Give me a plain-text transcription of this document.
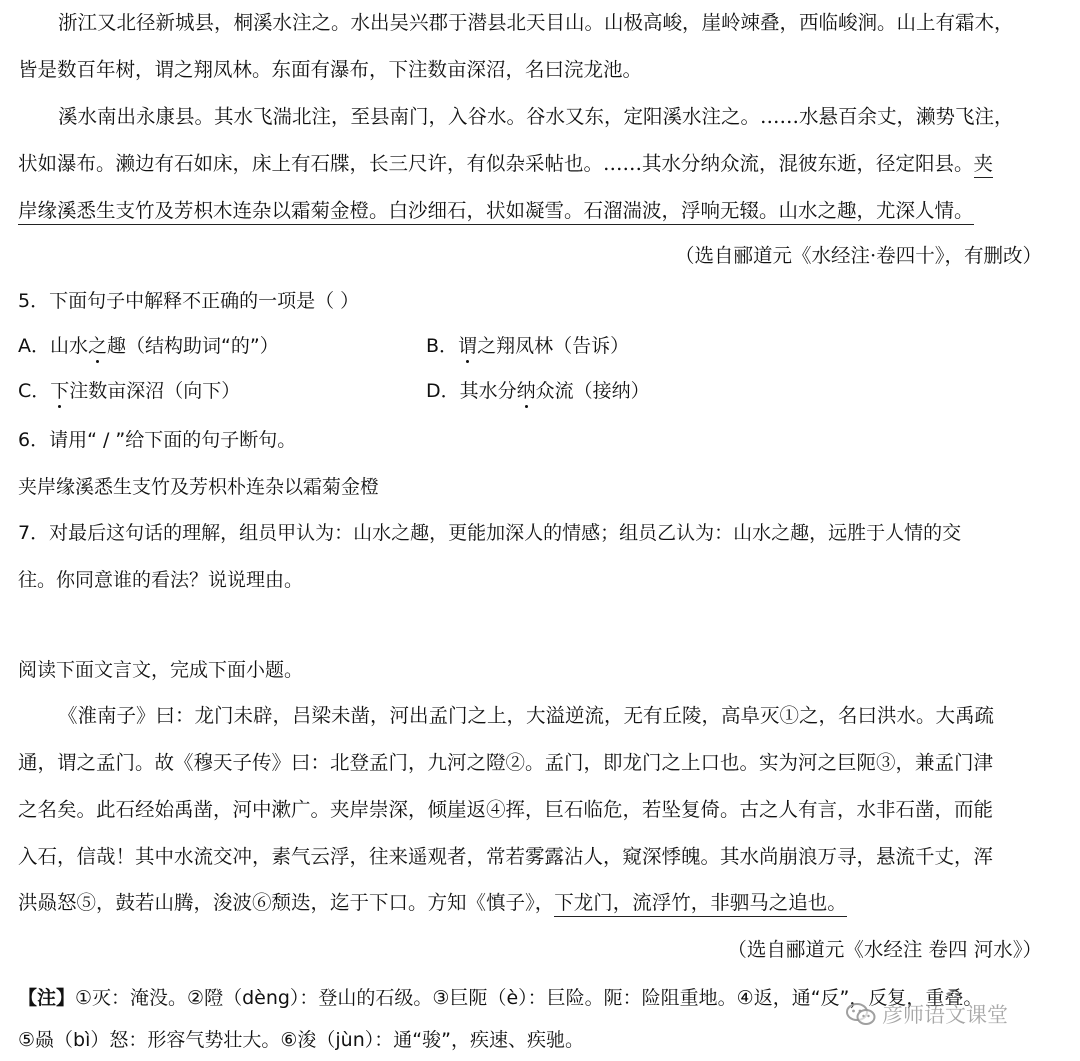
浙江又北径新城县，桐溪水注之。水出吴兴郡于潜县北天目山。山极高峻，崖岭竦叠，西临峻涧。山上有霜木，
皆是数百年树，谓之翔凤林。东面有瀑布，下注数亩深沼，名曰浣龙池。
溪水南出永康县。其水飞湍北注，至县南门，入谷水。谷水又东，定阳溪水注之。……水悬百余丈，濑势飞注，
状如瀑布。濑边有石如床，床上有石牒，长三尺许，有似杂采帖也。……其水分纳众流，混彼东逝，径定阳县。夹
岸缘溪悉生支竹及芳枳木连杂以霜菊金橙。白沙细石，状如凝雪。石溜湍波，浮响无辍。山水之趣，尤深人情。
（选自郦道元《水经注·卷四十》，有删改）
5．下面句子中解释不正确的一项是（ ）
A．山水之趣（结构助词“的”）	B．谓之翔凤林（告诉）
C．下注数亩深沼（向下）	D．其水分纳众流（接纳）
6．请用“ / ”给下面的句子断句。
夹岸缘溪悉生支竹及芳枳朴连杂以霜菊金橙
7．对最后这句话的理解，组员甲认为：山水之趣，更能加深人的情感；组员乙认为：山水之趣，远胜于人情的交
往。你同意谁的看法？说说理由。
阅读下面文言文，完成下面小题。
《淮南子》曰：龙门未辟，吕梁未凿，河出孟门之上，大溢逆流，无有丘陵，高阜灭①之，名曰洪水。大禹疏
通，谓之孟门。故《穆天子传》曰：北登孟门，九河之隥②。孟门，即龙门之上口也。实为河之巨阨③，兼孟门津
之名矣。此石经始禹凿，河中漱广。夹岸崇深，倾崖返④挥，巨石临危，若坠复倚。古之人有言，水非石凿，而能
入石，信哉！其中水流交冲，素气云浮，往来遥观者，常若雾露沾人，窥深悸魄。其水尚崩浪万寻，悬流千丈，浑
洪赑怒⑤，鼓若山腾，浚波⑥颓迭，迄于下口。方知《慎子》，下龙门，流浮竹，非驷马之追也。
（选自郦道元《水经注 卷四 河水》）
【注】①灭：淹没。②隥（dèng）：登山的石级。③巨阨（è）：巨险。阨：险阻重地。④返，通“反”，反复，重叠。
⑤赑（bì）怒：形容气势壮大。⑥浚（jùn）：通“骏”，疾速、疾驰。
彦师语文课堂
